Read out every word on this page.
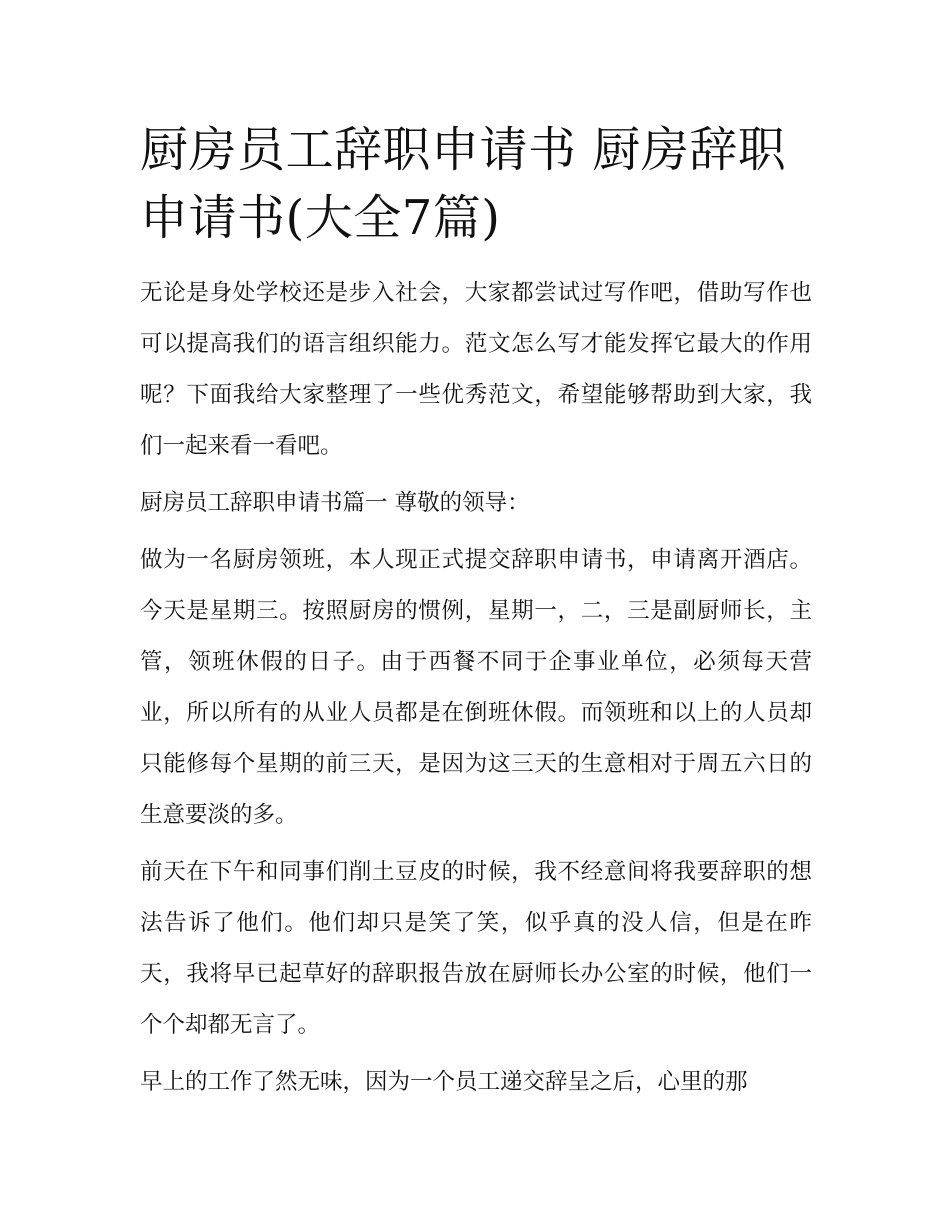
厨房员工辞职申请书 厨房辞职申请书(大全7篇)

无论是身处学校还是步入社会，大家都尝试过写作吧，借助写作也可以提高我们的语言组织能力。范文怎么写才能发挥它最大的作用呢？下面我给大家整理了一些优秀范文，希望能够帮助到大家，我们一起来看一看吧。

厨房员工辞职申请书篇一 尊敬的领导：

做为一名厨房领班，本人现正式提交辞职申请书，申请离开酒店。今天是星期三。按照厨房的惯例，星期一，二，三是副厨师长，主管，领班休假的日子。由于西餐不同于企事业单位，必须每天营业，所以所有的从业人员都是在倒班休假。而领班和以上的人员却只能修每个星期的前三天，是因为这三天的生意相对于周五六日的生意要淡的多。

前天在下午和同事们削土豆皮的时候，我不经意间将我要辞职的想法告诉了他们。他们却只是笑了笑，似乎真的没人信，但是在昨天，我将早已起草好的辞职报告放在厨师长办公室的时候，他们一个个却都无言了。

早上的工作了然无味，因为一个员工递交辞呈之后，心里的那
